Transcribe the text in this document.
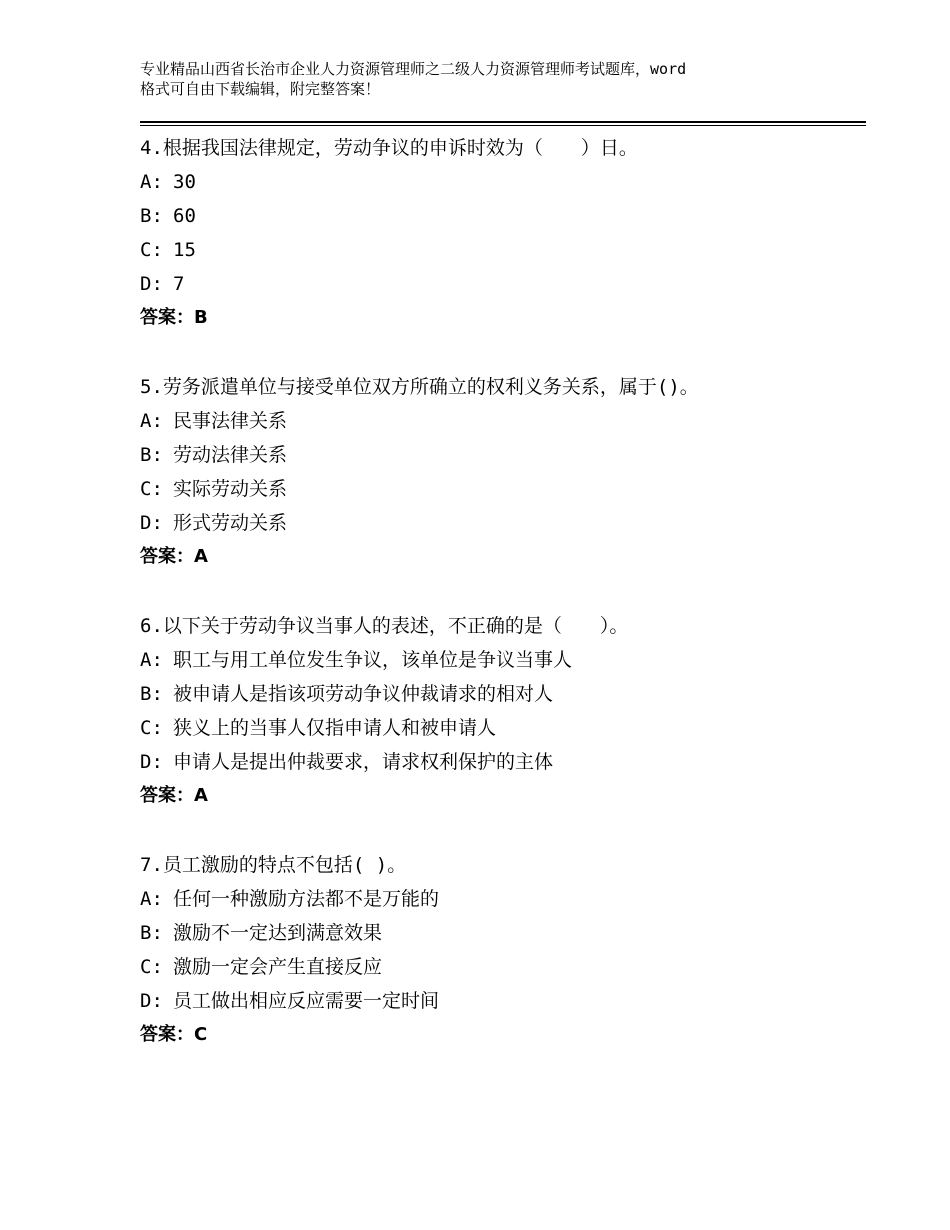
专业精品山西省长治市企业人力资源管理师之二级人力资源管理师考试题库，word
格式可自由下载编辑，附完整答案！
4.根据我国法律规定，劳动争议的申诉时效为（　　）日。
A: 30
B: 60
C: 15
D: 7
答案：B
5.劳务派遣单位与接受单位双方所确立的权利义务关系，属于()。
A: 民事法律关系
B: 劳动法律关系
C: 实际劳动关系
D: 形式劳动关系
答案：A
6.以下关于劳动争议当事人的表述，不正确的是（　　）。
A: 职工与用工单位发生争议，该单位是争议当事人
B: 被申请人是指该项劳动争议仲裁请求的相对人
C: 狭义上的当事人仅指申请人和被申请人
D: 申请人是提出仲裁要求，请求权利保护的主体
答案：A
7.员工激励的特点不包括( )。
A: 任何一种激励方法都不是万能的
B: 激励不一定达到满意效果
C: 激励一定会产生直接反应
D: 员工做出相应反应需要一定时间
答案：C
